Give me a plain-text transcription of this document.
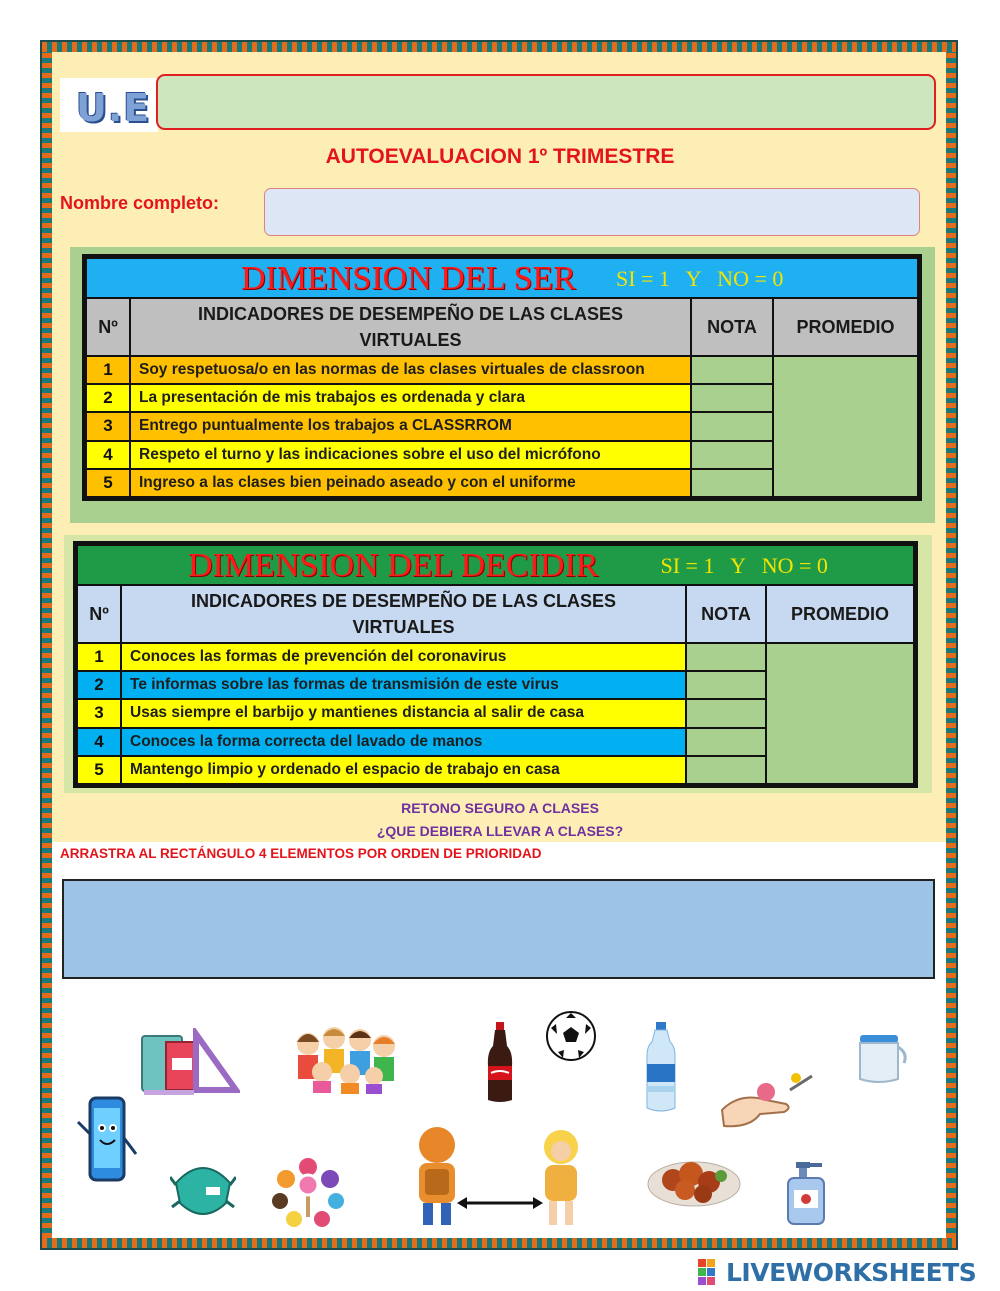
U.E
AUTOEVALUACION 1º TRIMESTRE
Nombre completo:
DIMENSION DEL SER SI = 1   Y   NO = 0			

Nº	INDICADORES DE DESEMPEÑO DE LAS CLASES VIRTUALES	NOTA	PROMEDIO
1	Soy respetuosa/o en las normas de las clases virtuales de classroon		
2	La presentación de mis trabajos es ordenada y clara		
3	Entrego puntualmente los trabajos a CLASSRROM		
4	Respeto el turno y las indicaciones sobre el uso del micrófono		
5	Ingreso a las clases bien peinado aseado y con el uniforme		
DIMENSION DEL DECIDIR SI = 1   Y   NO = 0			

Nº	INDICADORES DE DESEMPEÑO DE LAS CLASES VIRTUALES	NOTA	PROMEDIO
1	Conoces las formas de prevención del coronavirus		
2	Te informas sobre las formas de transmisión de este virus		
3	Usas siempre el barbijo y mantienes distancia al salir de casa		
4	Conoces la forma correcta del lavado de manos		
5	Mantengo limpio y ordenado el espacio de trabajo en casa		
RETONO SEGURO A CLASES
¿QUE DEBIERA LLEVAR A CLASES?
ARRASTRA AL RECTÁNGULO 4 ELEMENTOS POR ORDEN DE PRIORIDAD
LIVEWORKSHEETS
